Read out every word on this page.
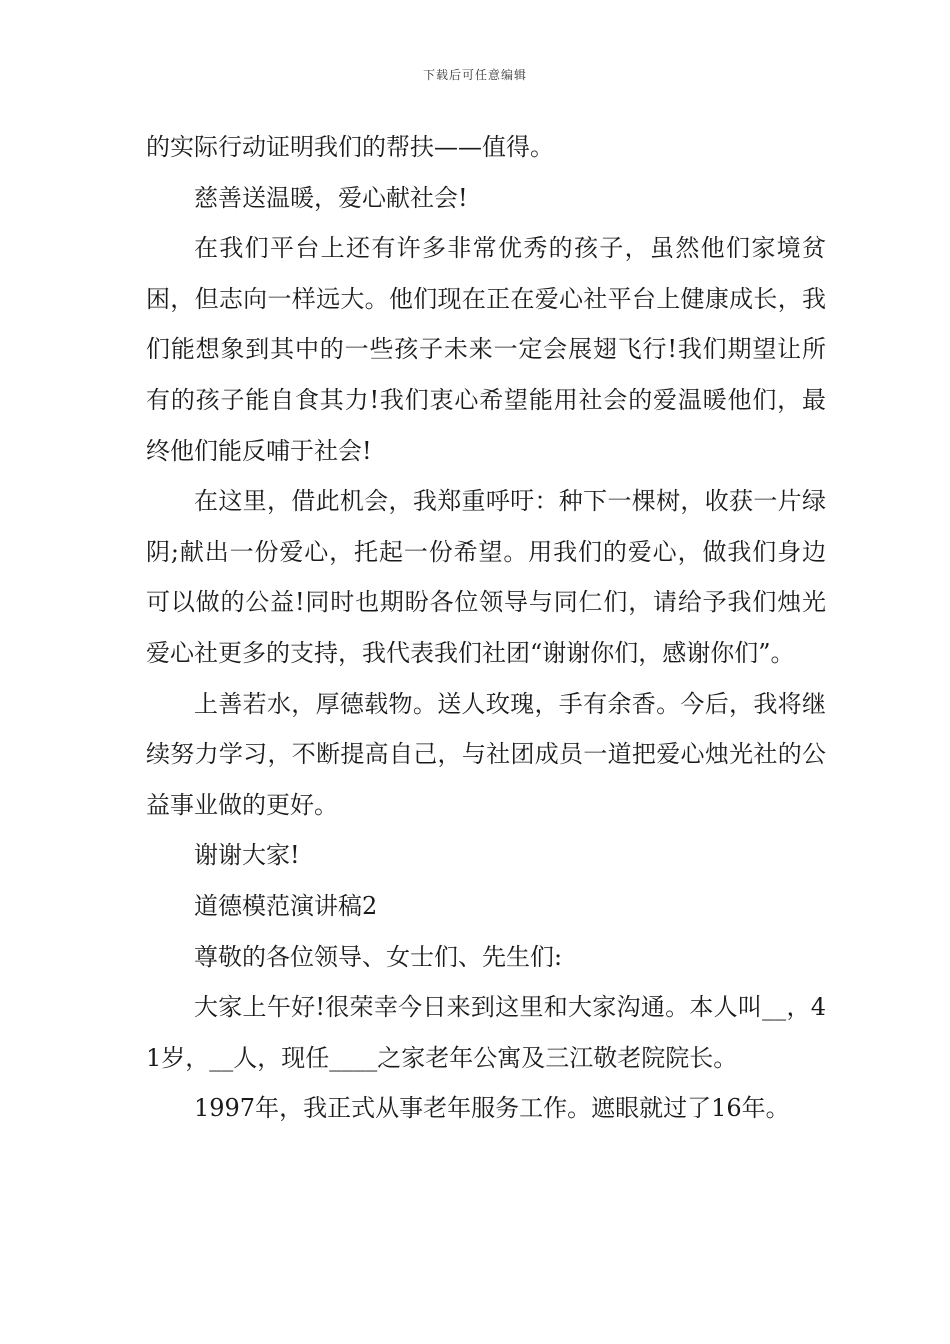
下载后可任意编辑

的实际行动证明我们的帮扶——值得。

慈善送温暖，爱心献社会!

在我们平台上还有许多非常优秀的孩子，虽然他们家境贫困，但志向一样远大。他们现在正在爱心社平台上健康成长，我们能想象到其中的一些孩子未来一定会展翅飞行!我们期望让所有的孩子能自食其力!我们衷心希望能用社会的爱温暖他们，最终他们能反哺于社会!

在这里，借此机会，我郑重呼吁：种下一棵树，收获一片绿阴;献出一份爱心，托起一份希望。用我们的爱心，做我们身边可以做的公益!同时也期盼各位领导与同仁们，请给予我们烛光爱心社更多的支持，我代表我们社团“谢谢你们，感谢你们”。

上善若水，厚德载物。送人玫瑰，手有余香。今后，我将继续努力学习，不断提高自己，与社团成员一道把爱心烛光社的公益事业做的更好。

谢谢大家!

道德模范演讲稿2

尊敬的各位领导、女士们、先生们:

大家上午好!很荣幸今日来到这里和大家沟通。本人叫__，41岁，__人，现任____之家老年公寓及三江敬老院院长。

1997年，我正式从事老年服务工作。遮眼就过了16年。
